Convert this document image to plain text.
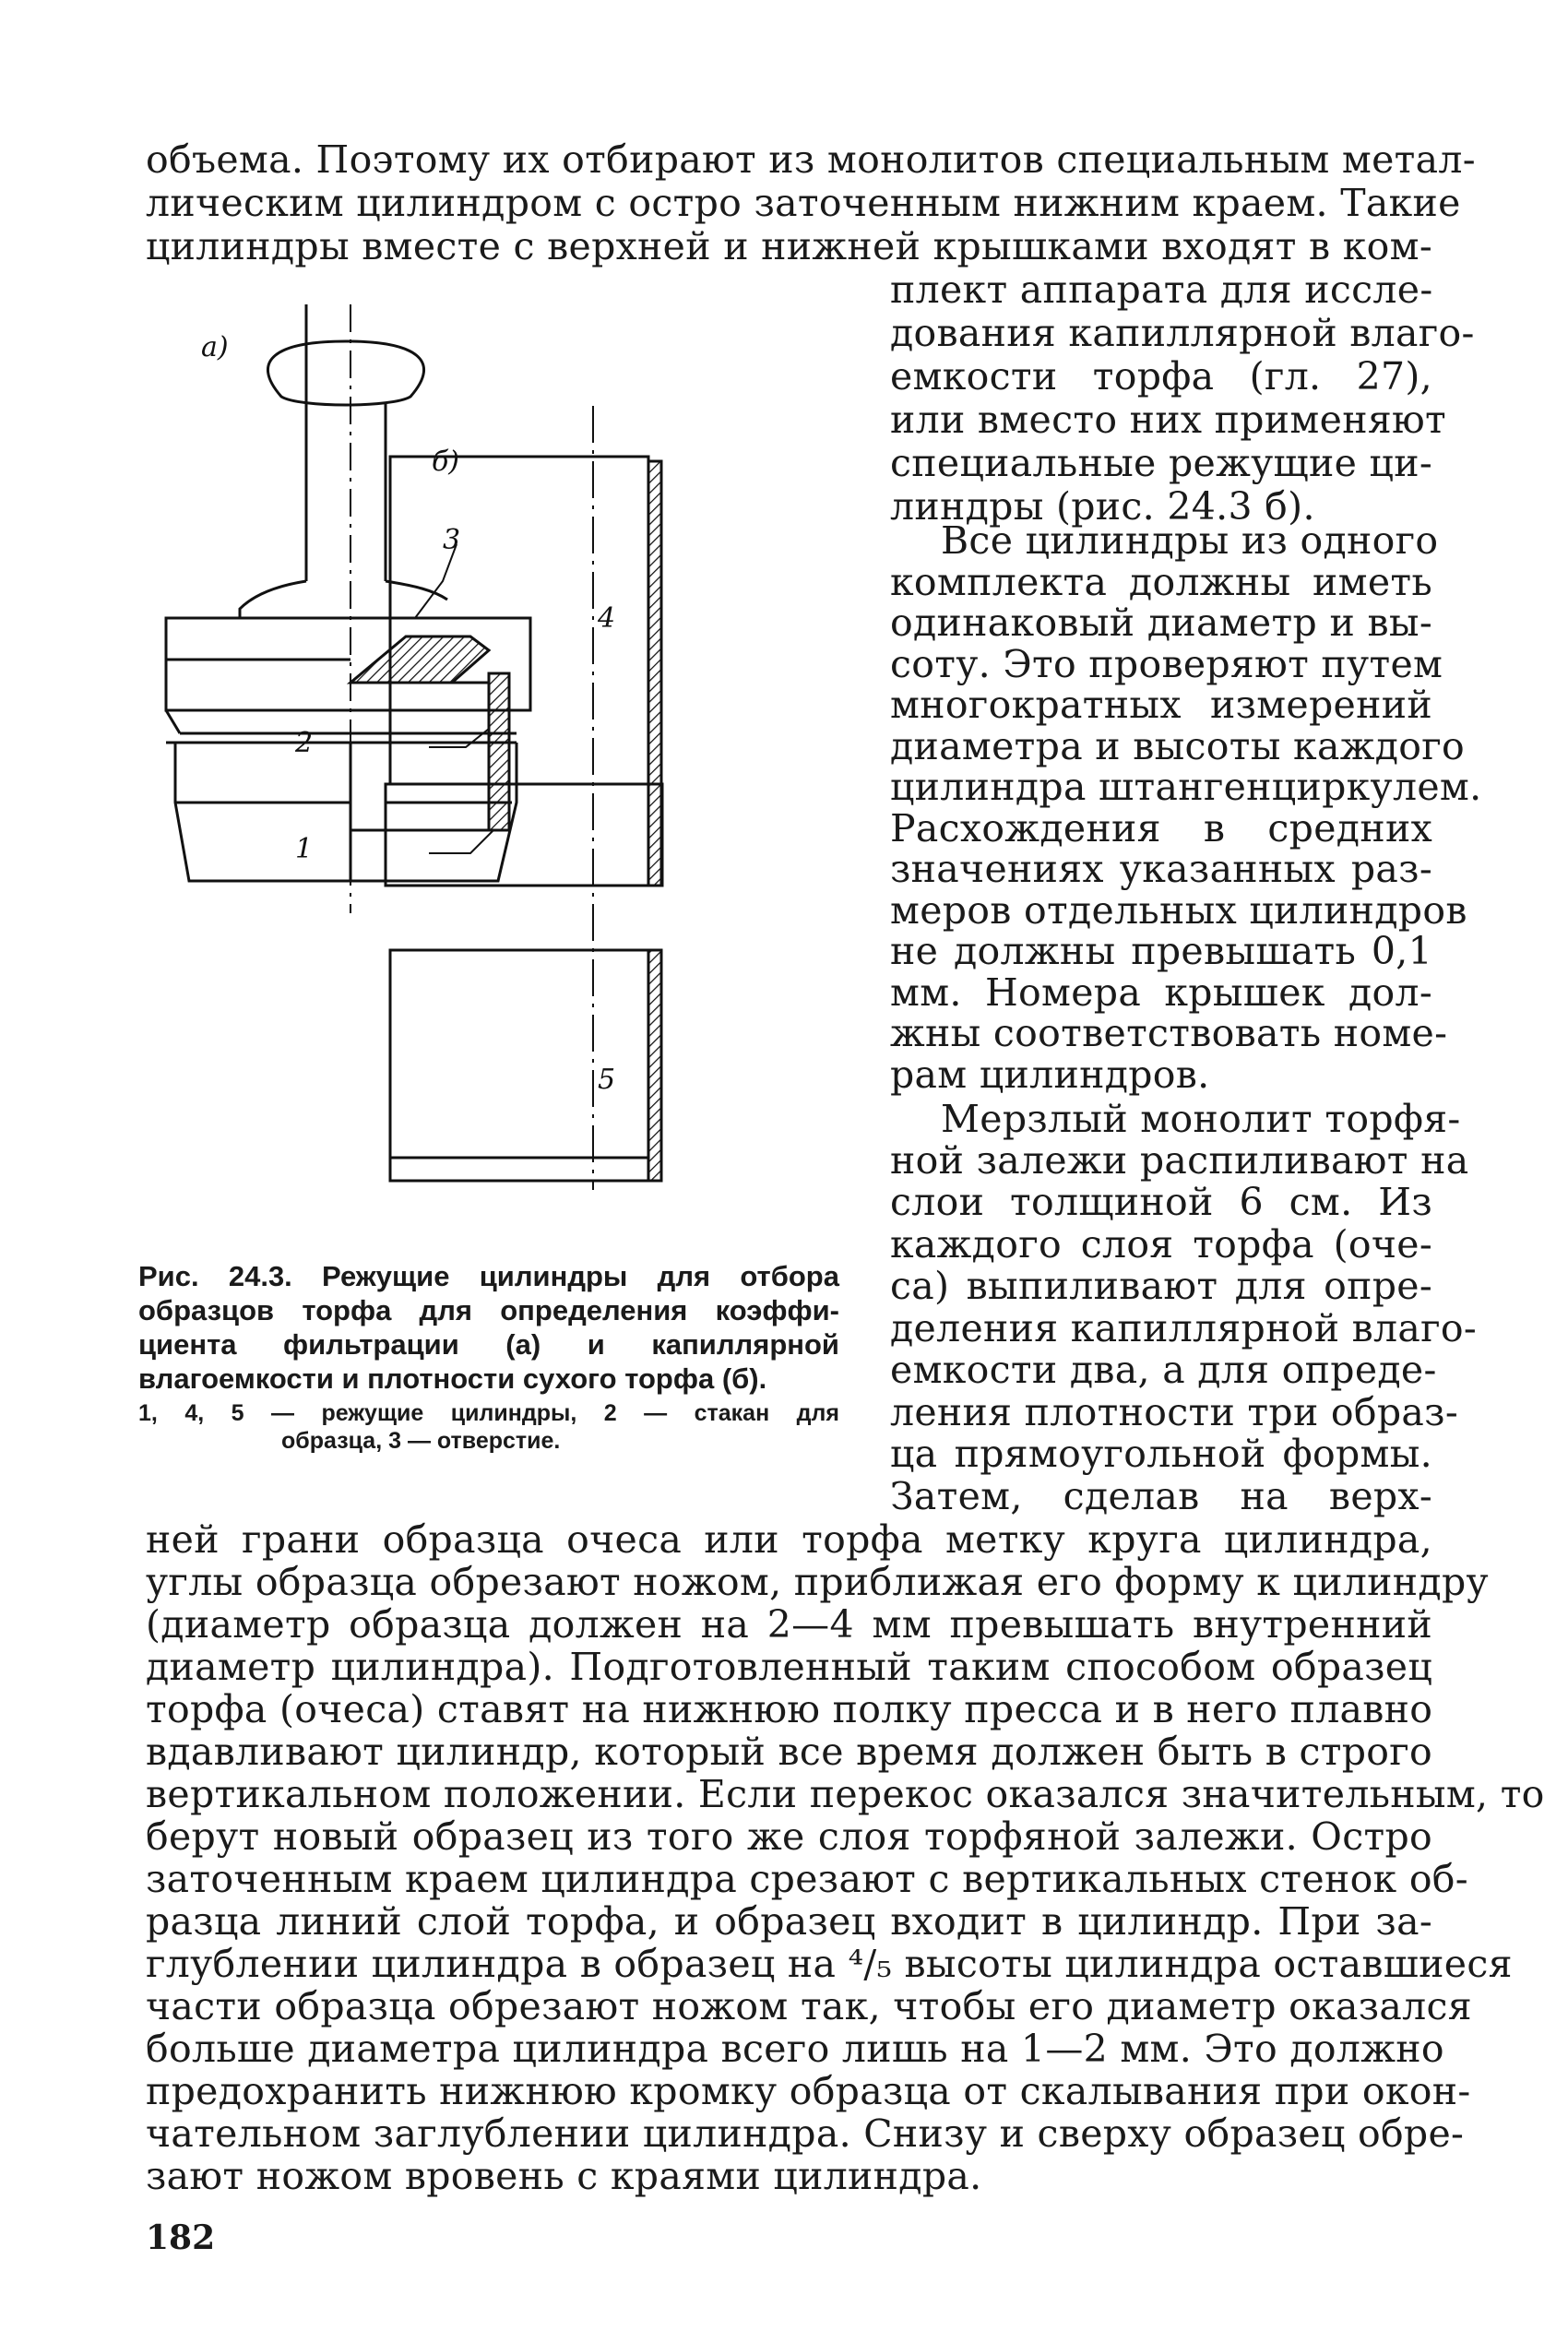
объема. Поэтому их отбирают из монолитов специальным метал-
лическим цилиндром с остро заточенным нижним краем. Такие
цилиндры вместе с верхней и нижней крышками входят в ком-
плект аппарата для иссле-
дования капиллярной влаго-
емкости торфа (гл. 27),
или вместо них применяют
специальные режущие ци-
линдры (рис. 24.3 б).
Все цилиндры из одного
комплекта должны иметь
одинаковый диаметр и вы-
соту. Это проверяют путем
многократных измерений
диаметра и высоты каждого
цилиндра штангенциркулем.
Расхождения в средних
значениях указанных раз-
меров отдельных цилиндров
не должны превышать 0,1
мм. Номера крышек дол-
жны соответствовать номе-
рам цилиндров.
Мерзлый монолит торфя-
ной залежи распиливают на
слои толщиной 6 см. Из
каждого слоя торфа (оче-
са) выпиливают для опре-
деления капиллярной влаго-
емкости два, а для опреде-
ления плотности три образ-
ца прямоугольной формы.
Затем, сделав на верх-
ней грани образца очеса или торфа метку круга цилиндра,
углы образца обрезают ножом, приближая его форму к цилиндру
(диаметр образца должен на 2—4 мм превышать внутренний
диаметр цилиндра). Подготовленный таким способом образец
торфа (очеса) ставят на нижнюю полку пресса и в него плавно
вдавливают цилиндр, который все время должен быть в строго
вертикальном положении. Если перекос оказался значительным, то
берут новый образец из того же слоя торфяной залежи. Остро
заточенным краем цилиндра срезают с вертикальных стенок об-
разца линий слой торфа, и образец входит в цилиндр. При за-
глублении цилиндра в образец на ⁴/₅ высоты цилиндра оставшиеся
части образца обрезают ножом так, чтобы его диаметр оказался
больше диаметра цилиндра всего лишь на 1—2 мм. Это должно
предохранить нижнюю кромку образца от скалывания при окон-
чательном заглублении цилиндра. Снизу и сверху образец обре-
зают ножом вровень с краями цилиндра.
а)
б)
1
2
3
4
5
Рис. 24.3. Режущие цилиндры для отбора
образцов торфа для определения коэффи-
циента фильтрации (а) и капиллярной
влагоемкости и плотности сухого торфа (б).
1, 4, 5 — режущие цилиндры, 2 — стакан для
образца, 3 — отверстие.
182
